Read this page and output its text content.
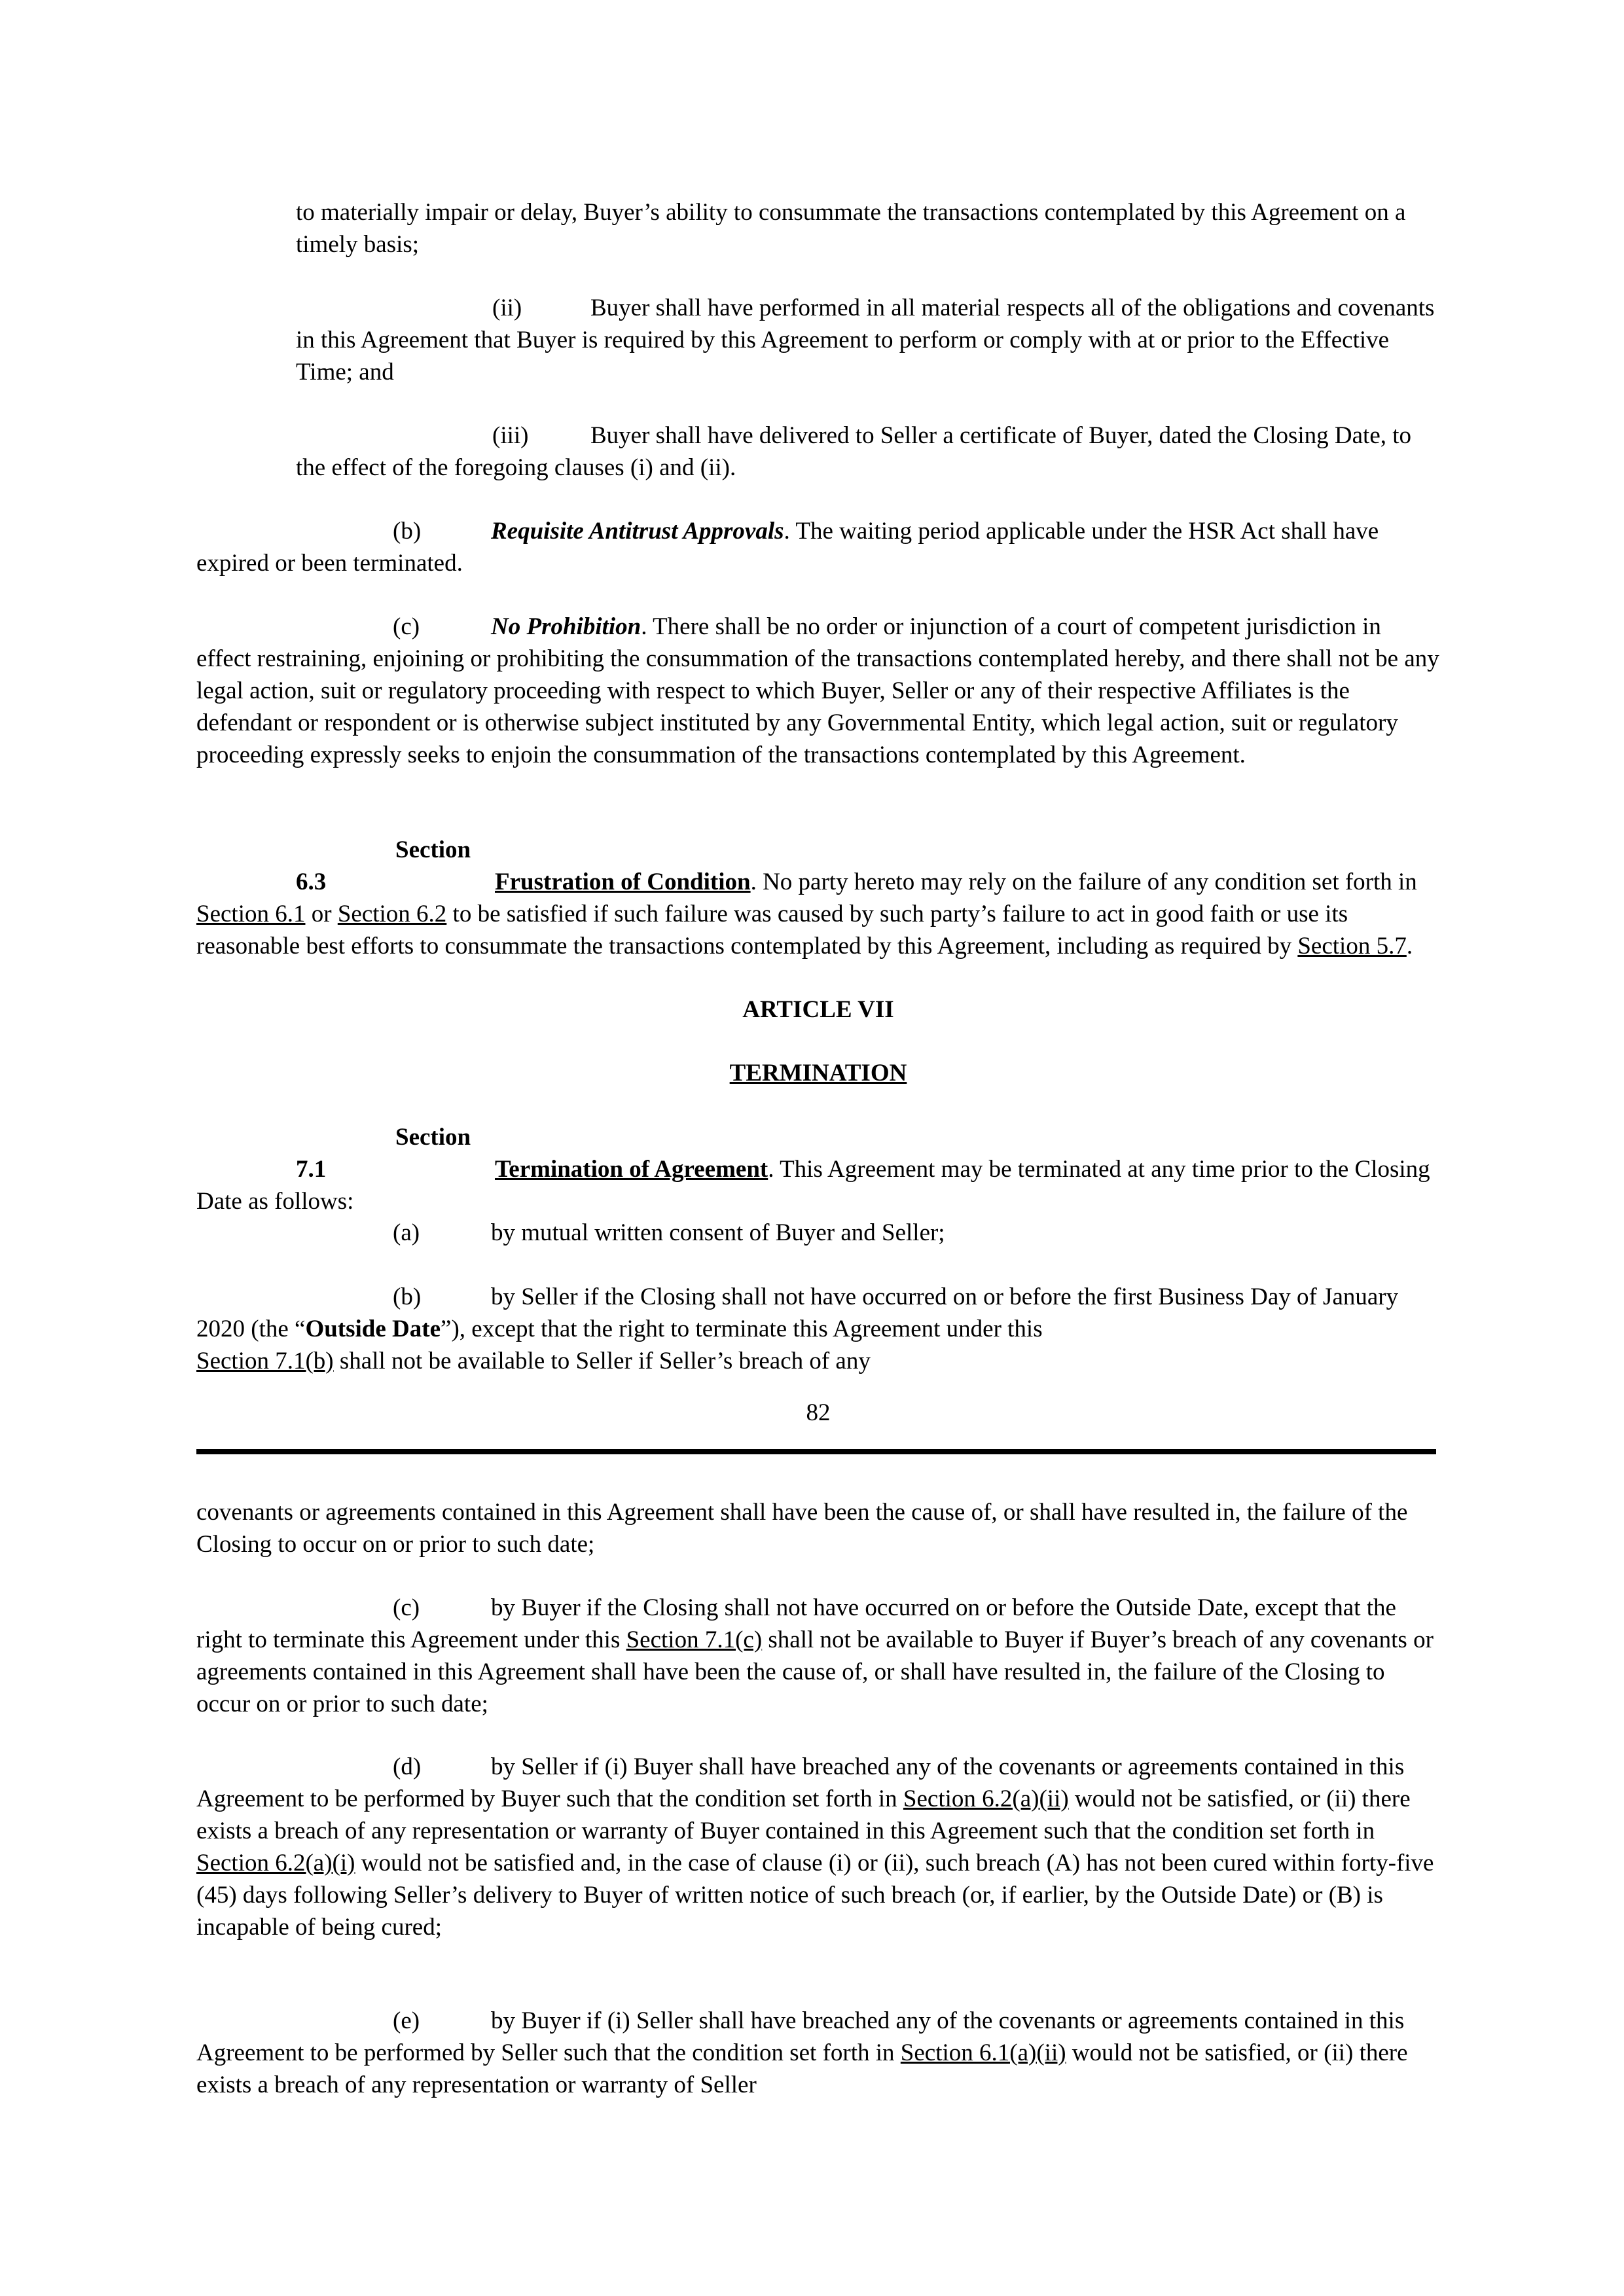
to materially impair or delay, Buyer’s ability to consummate the transactions contemplated by this Agreement on a timely basis;

(ii)	Buyer shall have performed in all material respects all of the obligations and covenants in this Agreement that Buyer is required by this Agreement to perform or comply with at or prior to the Effective Time; and

(iii)	Buyer shall have delivered to Seller a certificate of Buyer, dated the Closing Date, to the effect of the foregoing clauses (i) and (ii).

(b)	Requisite Antitrust Approvals. The waiting period applicable under the HSR Act shall have expired or been terminated.

(c)	No Prohibition. There shall be no order or injunction of a court of competent jurisdiction in effect restraining, enjoining or prohibiting the consummation of the transactions contemplated hereby, and there shall not be any legal action, suit or regulatory proceeding with respect to which Buyer, Seller or any of their respective Affiliates is the defendant or respondent or is otherwise subject instituted by any Governmental Entity, which legal action, suit or regulatory proceeding expressly seeks to enjoin the consummation of the transactions contemplated by this Agreement.

Section 6.3	Frustration of Condition. No party hereto may rely on the failure of any condition set forth in Section 6.1 or Section 6.2 to be satisfied if such failure was caused by such party’s failure to act in good faith or use its reasonable best efforts to consummate the transactions contemplated by this Agreement, including as required by Section 5.7.

ARTICLE VII

TERMINATION

Section 7.1	Termination of Agreement. This Agreement may be terminated at any time prior to the Closing Date as follows:

(a)	by mutual written consent of Buyer and Seller;

(b)	by Seller if the Closing shall not have occurred on or before the first Business Day of January 2020 (the “Outside Date”), except that the right to terminate this Agreement under this
Section 7.1(b) shall not be available to Seller if Seller’s breach of any

82

covenants or agreements contained in this Agreement shall have been the cause of, or shall have resulted in, the failure of the Closing to occur on or prior to such date;

(c)	by Buyer if the Closing shall not have occurred on or before the Outside Date, except that the right to terminate this Agreement under this Section 7.1(c) shall not be available to Buyer if Buyer’s breach of any covenants or agreements contained in this Agreement shall have been the cause of, or shall have resulted in, the failure of the Closing to occur on or prior to such date;

(d)	by Seller if (i) Buyer shall have breached any of the covenants or agreements contained in this Agreement to be performed by Buyer such that the condition set forth in Section 6.2(a)(ii) would not be satisfied, or (ii) there exists a breach of any representation or warranty of Buyer contained in this Agreement such that the condition set forth in Section 6.2(a)(i) would not be satisfied and, in the case of clause (i) or (ii), such breach (A) has not been cured within forty-five (45) days following Seller’s delivery to Buyer of written notice of such breach (or, if earlier, by the Outside Date) or (B) is incapable of being cured;

(e)	by Buyer if (i) Seller shall have breached any of the covenants or agreements contained in this Agreement to be performed by Seller such that the condition set forth in Section 6.1(a)(ii) would not be satisfied, or (ii) there exists a breach of any representation or warranty of Seller
